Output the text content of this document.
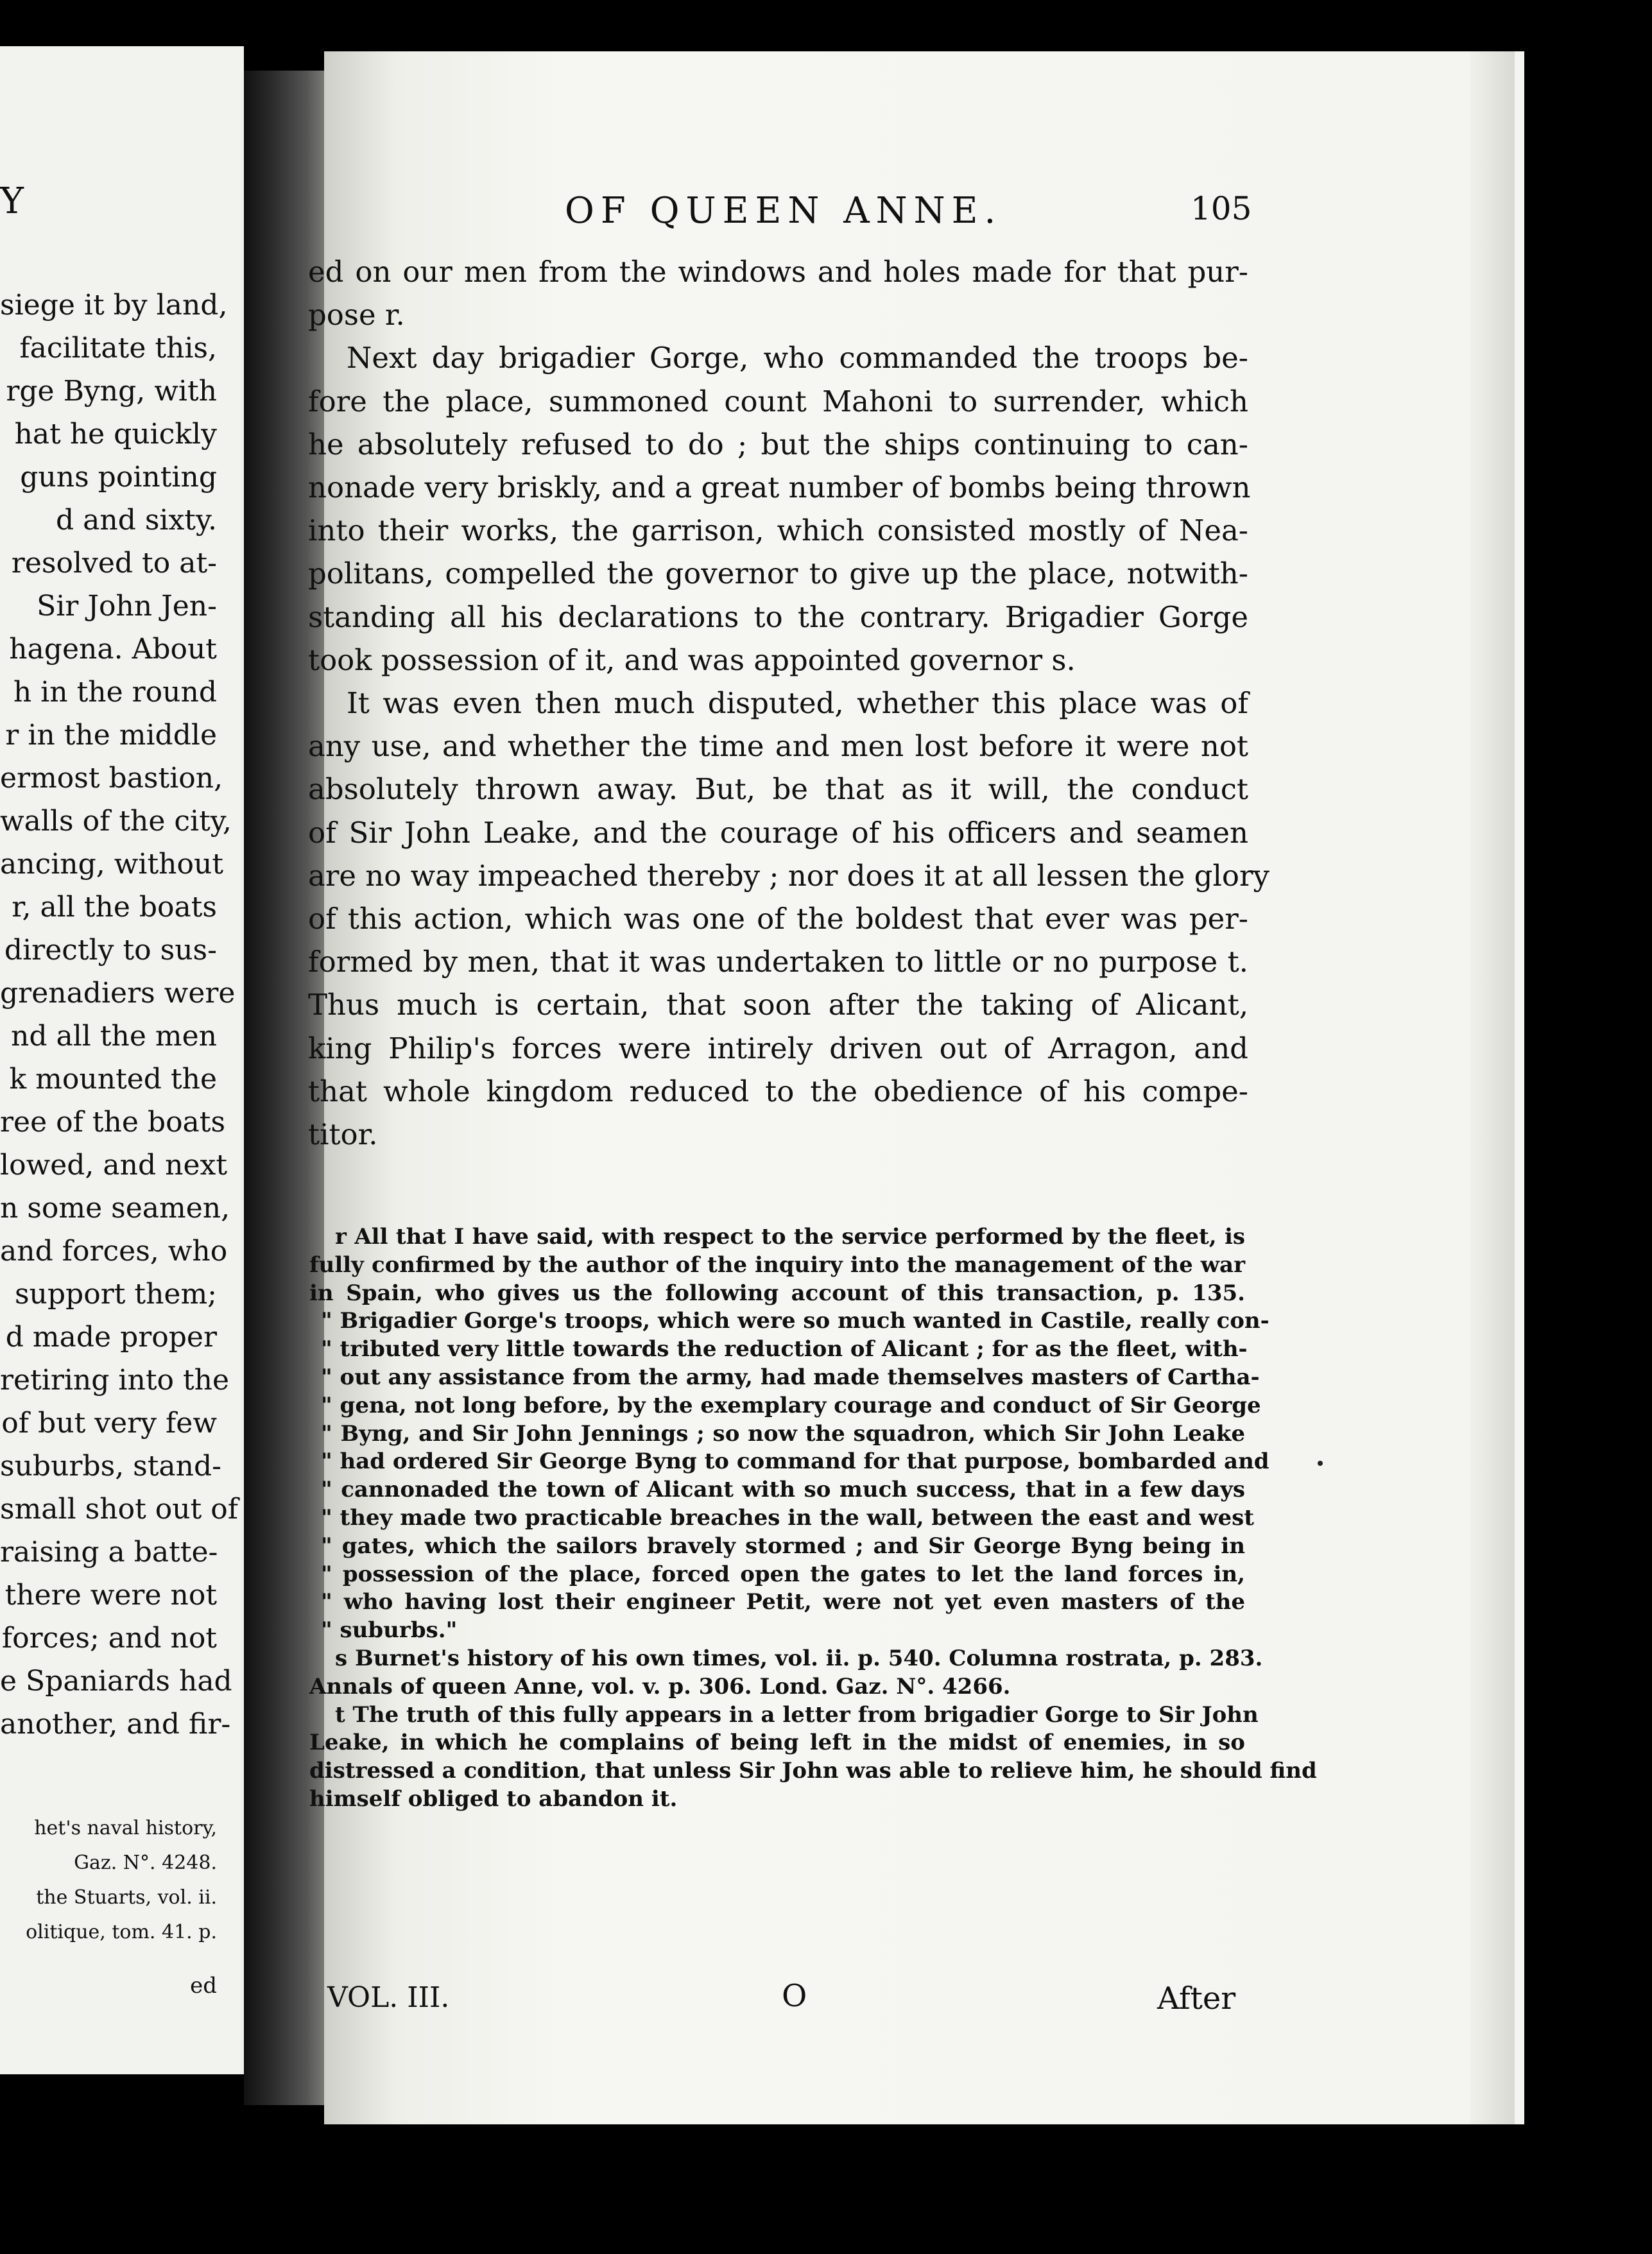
Y
siege it by land,
facilitate this,
rge Byng, with
hat he quickly
guns pointing
d and sixty.
resolved to at-
Sir John Jen-
hagena. About
h in the round
r in the middle
ermost bastion,
walls of the city,
ancing, without
r, all the boats
directly to sus-
grenadiers were
nd all the men
k mounted the
ree of the boats
lowed, and next
n some seamen,
and forces, who
support them;
d made proper
retiring into the
of but very few
suburbs, stand-
small shot out of
raising a batte-
there were not
forces; and not
e Spaniards had
another, and fir-
het's naval history,
Gaz. N°. 4248.
the Stuarts, vol. ii.
olitique, tom. 41. p.
ed
OF QUEEN ANNE.	105
ed on our men from the windows and holes made for that pur-
pose r.
Next day brigadier Gorge, who commanded the troops be-
fore the place, summoned count Mahoni to surrender, which
he absolutely refused to do ; but the ships continuing to can-
nonade very briskly, and a great number of bombs being thrown
into their works, the garrison, which consisted mostly of Nea-
politans, compelled the governor to give up the place, notwith-
standing all his declarations to the contrary. Brigadier Gorge
took possession of it, and was appointed governor s.
It was even then much disputed, whether this place was of
any use, and whether the time and men lost before it were not
absolutely thrown away. But, be that as it will, the conduct
of Sir John Leake, and the courage of his officers and seamen
are no way impeached thereby ; nor does it at all lessen the glory
of this action, which was one of the boldest that ever was per-
formed by men, that it was undertaken to little or no purpose t.
Thus much is certain, that soon after the taking of Alicant,
king Philip's forces were intirely driven out of Arragon, and
that whole kingdom reduced to the obedience of his compe-
titor.
r All that I have said, with respect to the service performed by the fleet, is
fully confirmed by the author of the inquiry into the management of the war
in Spain, who gives us the following account of this transaction, p. 135.
" Brigadier Gorge's troops, which were so much wanted in Castile, really con-
" tributed very little towards the reduction of Alicant ; for as the fleet, with-
" out any assistance from the army, had made themselves masters of Cartha-
" gena, not long before, by the exemplary courage and conduct of Sir George
" Byng, and Sir John Jennings ; so now the squadron, which Sir John Leake
" had ordered Sir George Byng to command for that purpose, bombarded and
" cannonaded the town of Alicant with so much success, that in a few days
" they made two practicable breaches in the wall, between the east and west
" gates, which the sailors bravely stormed ; and Sir George Byng being in
" possession of the place, forced open the gates to let the land forces in,
" who having lost their engineer Petit, were not yet even masters of the
" suburbs."
s Burnet's history of his own times, vol. ii. p. 540. Columna rostrata, p. 283.
Annals of queen Anne, vol. v. p. 306. Lond. Gaz. N°. 4266.
t The truth of this fully appears in a letter from brigadier Gorge to Sir John
Leake, in which he complains of being left in the midst of enemies, in so
distressed a condition, that unless Sir John was able to relieve him, he should find
himself obliged to abandon it.
VOL. III.	O	After
